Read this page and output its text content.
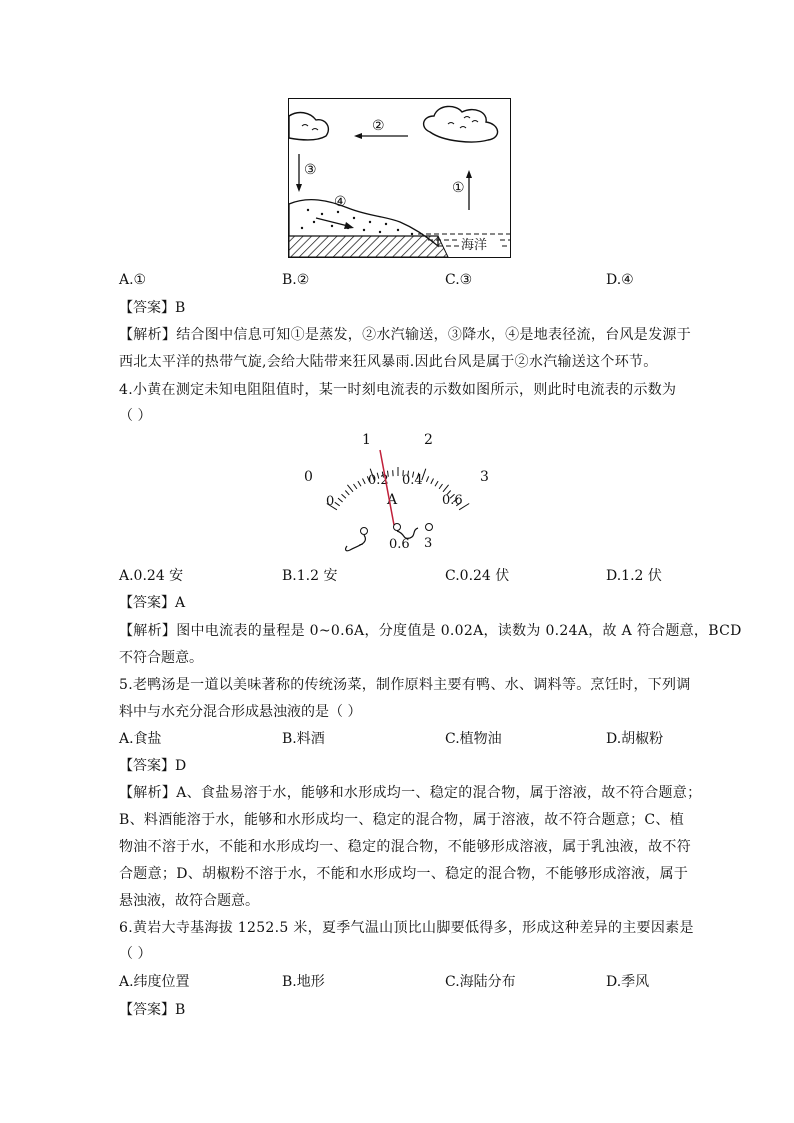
②
③
①
④
海洋
A.①	B.②	C.③	D.④
【答案】B
【解析】结合图中信息可知①是蒸发，②水汽输送，③降水，④是地表径流，台风是发源于
西北太平洋的热带气旋,会给大陆带来狂风暴雨.因此台风是属于②水汽输送这个环节。
4.小黄在测定未知电阻阻值时，某一时刻电流表的示数如图所示，则此时电流表的示数为
（ ）
0
1	2
3
0
0.2 0.4
0.6
A
- 0.6 3
A.0.24 安	B.1.2 安	C.0.24 伏	D.1.2 伏
【答案】A
【解析】图中电流表的量程是 0~0.6A，分度值是 0.02A，读数为 0.24A，故 A 符合题意，BCD
不符合题意。
5.老鸭汤是一道以美味著称的传统汤菜，制作原料主要有鸭、水、调料等。烹饪时，下列调
料中与水充分混合形成悬浊液的是（ ）
A.食盐	B.料酒	C.植物油	D.胡椒粉
【答案】D
【解析】A、食盐易溶于水，能够和水形成均一、稳定的混合物，属于溶液，故不符合题意；
B、料酒能溶于水，能够和水形成均一、稳定的混合物，属于溶液，故不符合题意；C、植
物油不溶于水，不能和水形成均一、稳定的混合物，不能够形成溶液，属于乳浊液，故不符
合题意；D、胡椒粉不溶于水，不能和水形成均一、稳定的混合物，不能够形成溶液，属于
悬浊液，故符合题意。
6.黄岩大寺基海拔 1252.5 米，夏季气温山顶比山脚要低得多，形成这种差异的主要因素是
（ ）
A.纬度位置	B.地形	C.海陆分布	D.季风
【答案】B
